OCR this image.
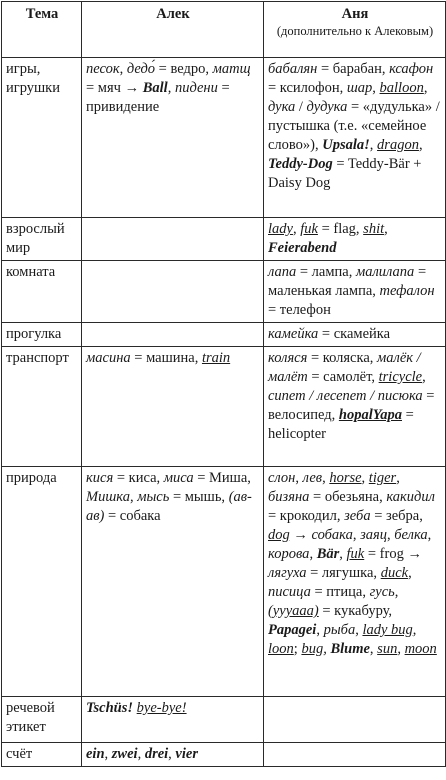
Тема	Алек	Аня
(дополнительно к Алековым)

игры, игрушки	песок, дедо́ = ведро, матщ = мяч → Ball, пидени = привидение	бабалян = барабан, ксафон = ксилофон, шар, balloon, дука / дудука = «дудулька» / пустышка (т.е. «семейное слово»), Upsala!, dragon, Teddy-Dog = Teddy-Bär + Daisy Dog
взрослый мир		lady, fuk = flag, shit, Feierabend
комната		лапа = лампа, малилапа = маленькая лампа, тефалон = телефон
прогулка		камейка = скамейка
транспорт	масина = машина, train	коляся = коляска, малёк / малёт = самолёт, tricycle, сипет / лесепет / писюка = велосипед, hopalYapa = helicopter
природа	кися = киса, миса = Миша, Мишка, мысь = мышь, (ав-ав) = собака	слон, лев, horse, tiger, бизяна = обезьяна, какидил = крокодил, зеба = зебра, dog → собака, заяц, белка, корова, Bär, fuk = frog → лягуха = лягушка, duck, писица = птица, гусь, (уууааа) = кукабуру, Papagei, рыба, lady bug, loon; bug, Blume, sun, moon
речевой этикет	Tschüs! bye-bye!	
счёт	ein, zwei, drei, vier	
